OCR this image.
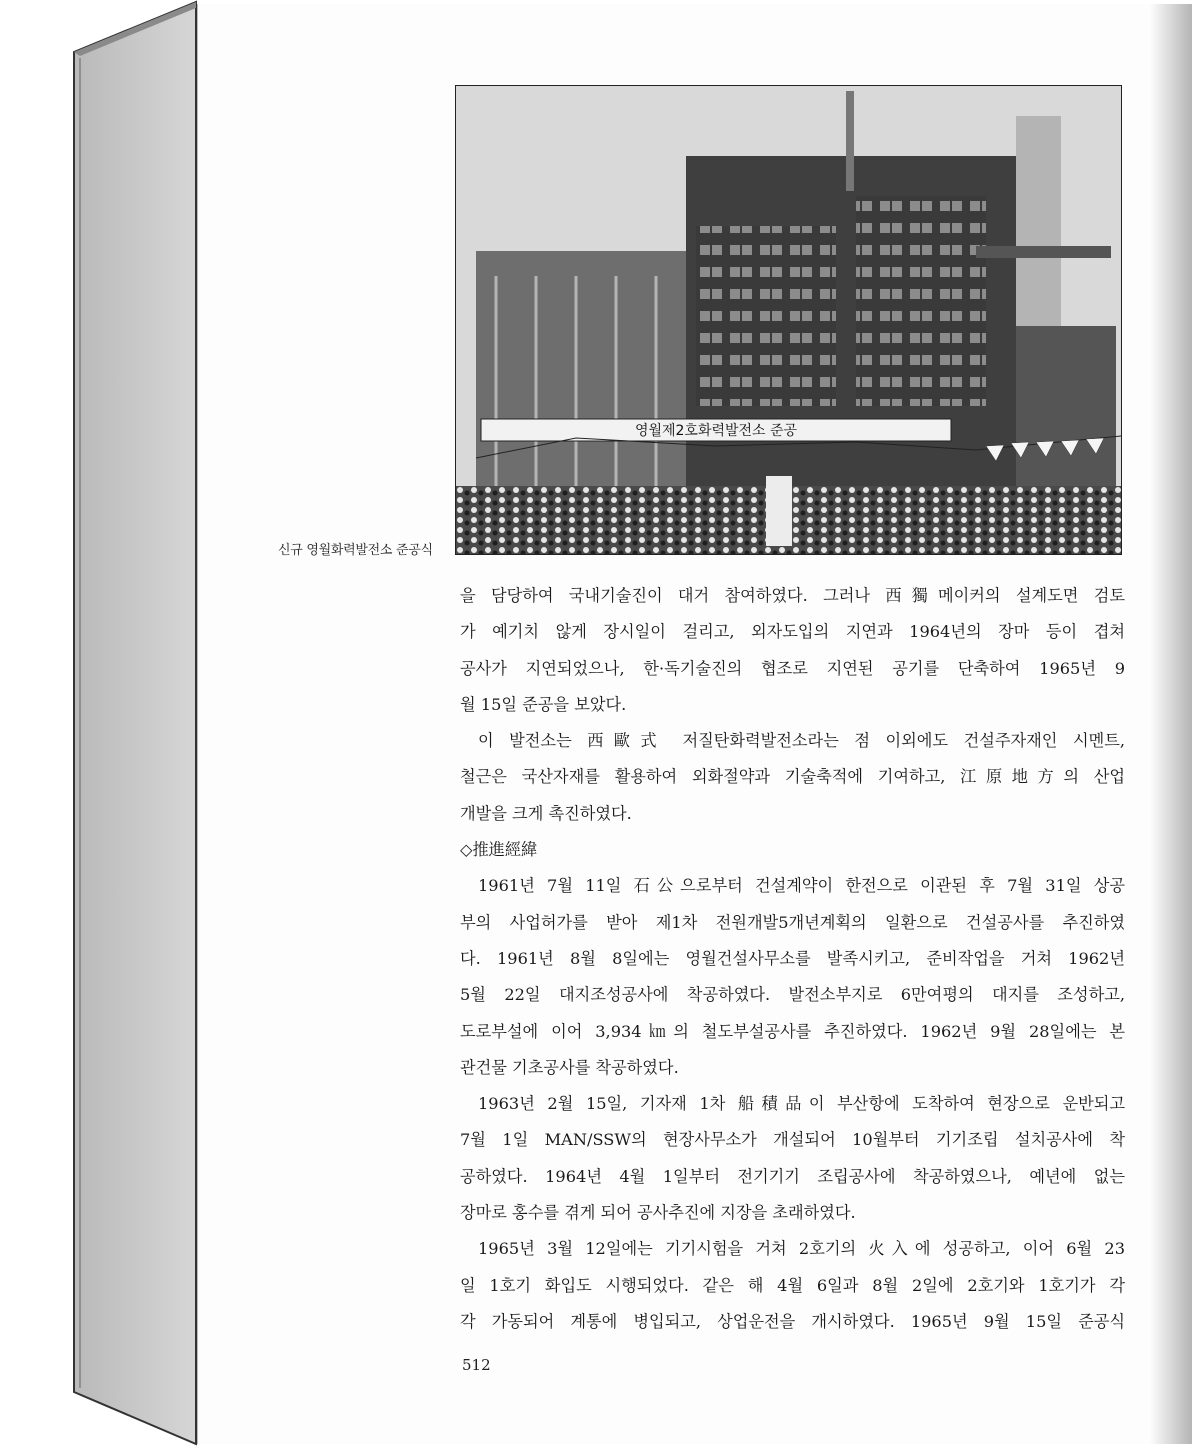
영월제2호화력발전소 준공
신규 영월화력발전소 준공식
을 담당하여 국내기술진이 대거 참여하였다. 그러나 西獨메이커의 설계도면 검토
가 예기치 않게 장시일이 걸리고, 외자도입의 지연과 1964년의 장마 등이 겹쳐
공사가 지연되었으나, 한·독기술진의 협조로 지연된 공기를 단축하여 1965년 9
월 15일 준공을 보았다.
이 발전소는 西歐式 저질탄화력발전소라는 점 이외에도 건설주자재인 시멘트,
철근은 국산자재를 활용하여 외화절약과 기술축적에 기여하고, 江原地方의 산업
개발을 크게 촉진하였다.
◇推進經緯
1961년 7월 11일 石公으로부터 건설계약이 한전으로 이관된 후 7월 31일 상공
부의 사업허가를 받아 제1차 전원개발5개년계획의 일환으로 건설공사를 추진하였
다. 1961년 8월 8일에는 영월건설사무소를 발족시키고, 준비작업을 거쳐 1962년
5월 22일 대지조성공사에 착공하였다. 발전소부지로 6만여평의 대지를 조성하고,
도로부설에 이어 3,934㎞의 철도부설공사를 추진하였다. 1962년 9월 28일에는 본
관건물 기초공사를 착공하였다.
1963년 2월 15일, 기자재 1차 船積品이 부산항에 도착하여 현장으로 운반되고
7월 1일 MAN/SSW의 현장사무소가 개설되어 10월부터 기기조립 설치공사에 착
공하였다. 1964년 4월 1일부터 전기기기 조립공사에 착공하였으나, 예년에 없는
장마로 홍수를 겪게 되어 공사추진에 지장을 초래하였다.
1965년 3월 12일에는 기기시험을 거쳐 2호기의 火入에 성공하고, 이어 6월 23
일 1호기 화입도 시행되었다. 같은 해 4월 6일과 8월 2일에 2호기와 1호기가 각
각 가동되어 계통에 병입되고, 상업운전을 개시하였다. 1965년 9월 15일 준공식
512
